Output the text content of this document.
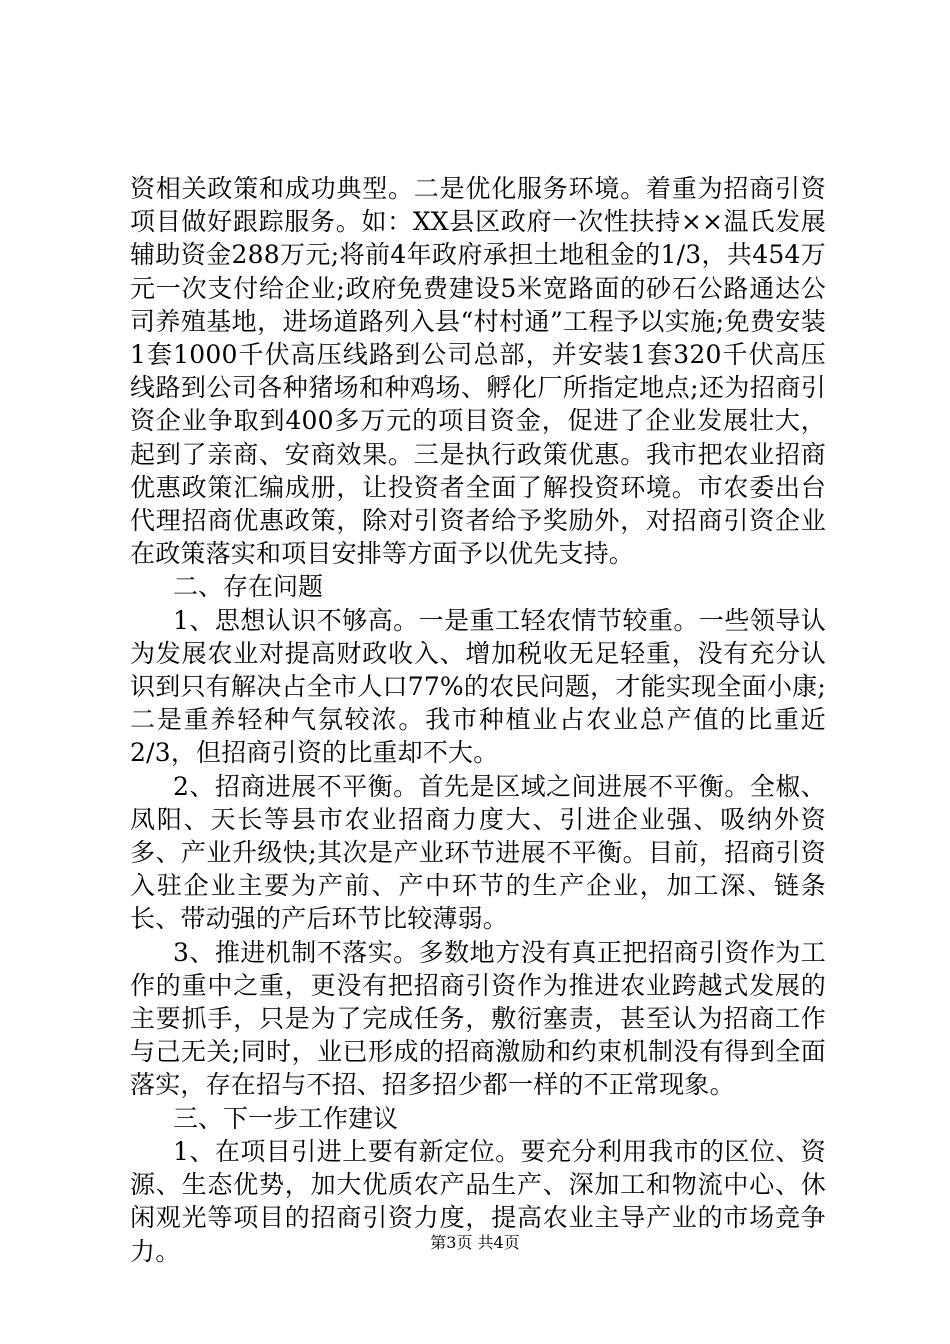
资相关政策和成功典型。二是优化服务环境。着重为招商引资项目做好跟踪服务。如：XX县区政府一次性扶持××温氏发展辅助资金288万元;将前4年政府承担土地租金的1/3，共454万元一次支付给企业;政府免费建设5米宽路面的砂石公路通达公司养殖基地，进场道路列入县“村村通”工程予以实施;免费安装1套1000千伏高压线路到公司总部，并安装1套320千伏高压线路到公司各种猪场和种鸡场、孵化厂所指定地点;还为招商引资企业争取到400多万元的项目资金，促进了企业发展壮大，起到了亲商、安商效果。三是执行政策优惠。我市把农业招商优惠政策汇编成册，让投资者全面了解投资环境。市农委出台代理招商优惠政策，除对引资者给予奖励外，对招商引资企业在政策落实和项目安排等方面予以优先支持。

二、存在问题

1、思想认识不够高。一是重工轻农情节较重。一些领导认为发展农业对提高财政收入、增加税收无足轻重，没有充分认识到只有解决占全市人口77%的农民问题，才能实现全面小康;二是重养轻种气氛较浓。我市种植业占农业总产值的比重近2/3，但招商引资的比重却不大。

2、招商进展不平衡。首先是区域之间进展不平衡。全椒、凤阳、天长等县市农业招商力度大、引进企业强、吸纳外资多、产业升级快;其次是产业环节进展不平衡。目前，招商引资入驻企业主要为产前、产中环节的生产企业，加工深、链条长、带动强的产后环节比较薄弱。

3、推进机制不落实。多数地方没有真正把招商引资作为工作的重中之重，更没有把招商引资作为推进农业跨越式发展的主要抓手，只是为了完成任务，敷衍塞责，甚至认为招商工作与己无关;同时，业已形成的招商激励和约束机制没有得到全面落实，存在招与不招、招多招少都一样的不正常现象。

三、下一步工作建议

1、在项目引进上要有新定位。要充分利用我市的区位、资源、生态优势，加大优质农产品生产、深加工和物流中心、休闲观光等项目的招商引资力度，提高农业主导产业的市场竞争力。	第3页 共4页
